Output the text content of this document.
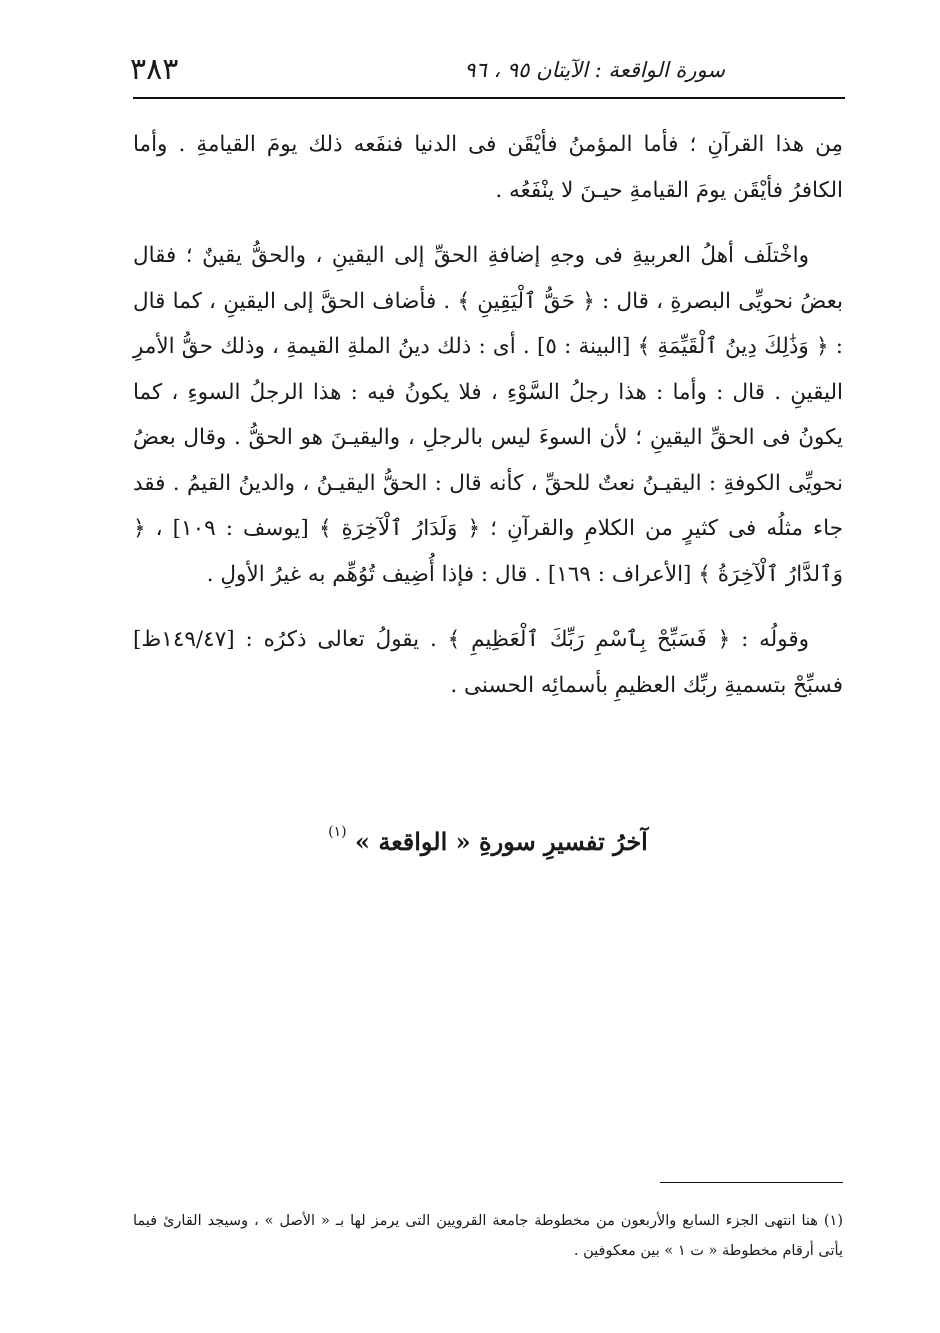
سورة الواقعة : الآيتان ٩٥ ، ٩٦
٣٨٣

مِن هذا القرآنِ ؛ فأما المؤمنُ فأيْقَن فى الدنيا فنفَعه ذلك يومَ القيامةِ . وأما الكافرُ فأيْقَن يومَ القيامةِ حيـنَ لا ينْفَعُه .

واخْتلَف أهلُ العربيةِ فى وجهِ إضافةِ الحقِّ إلى اليقينِ ، والحقُّ يقينٌ ؛ فقال بعضُ نحويِّى البصرةِ ، قال : ﴿ حَقُّ ٱلْيَقِينِ ﴾ . فأضاف الحقَّ إلى اليقينِ ، كما قال : ﴿ وَذَٰلِكَ دِينُ ٱلْقَيِّمَةِ ﴾ [البينة : ٥] . أى : ذلك دينُ الملةِ القيمةِ ، وذلك حقُّ الأمرِ اليقينِ . قال : وأما : هذا رجلُ السَّوْءِ ، فلا يكونُ فيه : هذا الرجلُ السوءِ ، كما يكونُ فى الحقِّ اليقينِ ؛ لأن السوءَ ليس بالرجلِ ، واليقيـنَ هو الحقُّ . وقال بعضُ نحويِّى الكوفةِ : اليقيـنُ نعتٌ للحقِّ ، كأنه قال : الحقُّ اليقيـنُ ، والدينُ القيمُ . فقد جاء مثلُه فى كثيرٍ من الكلامِ والقرآنِ ؛ ﴿ وَلَدَارُ ٱلْآخِرَةِ ﴾ [يوسف : ١٠٩] ، ﴿ وَٱلدَّارُ ٱلْآخِرَةُ ﴾ [الأعراف : ١٦٩] . قال : فإذا أُضِيف تُوُهِّم به غيرُ الأولِ .

وقولُه : ﴿ فَسَبِّحْ بِٱسْمِ رَبِّكَ ٱلْعَظِيمِ ﴾ . يقولُ تعالى ذكرُه : [١٤٩/٤٧ظ] فسبِّحْ بتسميةِ ربِّك العظيمِ بأسمائِه الحسنى .

آخرُ تفسيرِ سورةِ « الواقعة » $^{(١)}$

(١) هنا انتهى الجزء السابع والأربعون من مخطوطة جامعة القرويين التى يرمز لها بـ « الأصل » ، وسيجد القارئ فيما يأتى أرقام مخطوطة « ت ١ » بين معكوفين .
